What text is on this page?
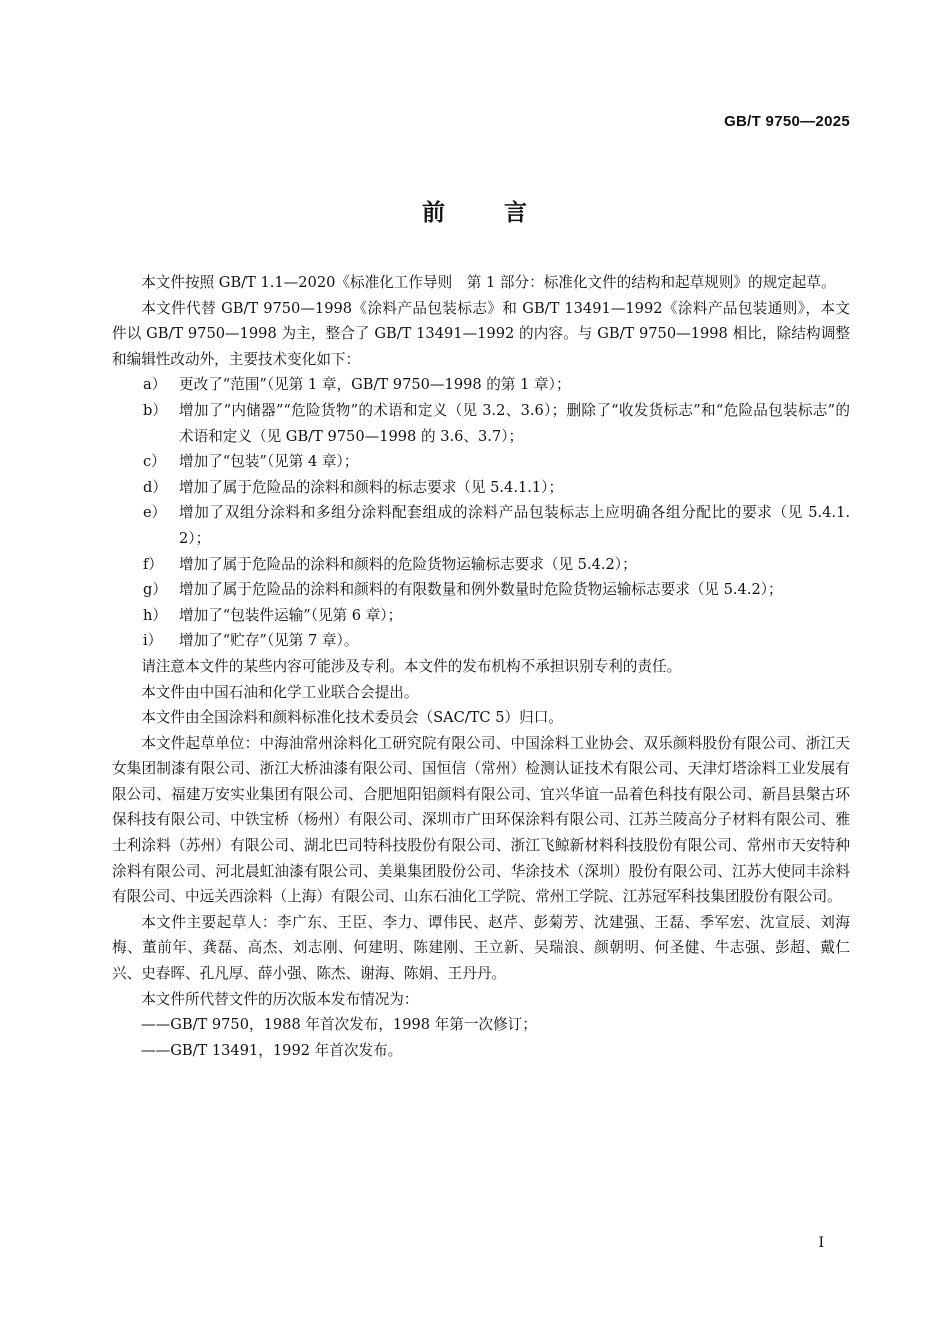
GB/T 9750—2025
前	言

本文件按照 GB/T 1.1—2020《标准化工作导则　第 1 部分：标准化文件的结构和起草规则》的规定起草。

本文件代替 GB/T 9750—1998《涂料产品包装标志》和 GB/T 13491—1992《涂料产品包装通则》，本文件以 GB/T 9750—1998 为主，整合了 GB/T 13491—1992 的内容。与 GB/T 9750—1998 相比，除结构调整和编辑性改动外，主要技术变化如下：

a） 更改了“范围”（见第 1 章，GB/T 9750—1998 的第 1 章）；
b） 增加了“内储器”“危险货物”的术语和定义（见 3.2、3.6）；删除了“收发货标志”和“危险品包装标志”的术语和定义（见 GB/T 9750—1998 的 3.6、3.7）；
c） 增加了“包装”（见第 4 章）；
d） 增加了属于危险品的涂料和颜料的标志要求（见 5.4.1.1）；
e） 增加了双组分涂料和多组分涂料配套组成的涂料产品包装标志上应明确各组分配比的要求（见 5.4.1.2）；
f）	增加了属于危险品的涂料和颜料的危险货物运输标志要求（见 5.4.2）；
g） 增加了属于危险品的涂料和颜料的有限数量和例外数量时危险货物运输标志要求（见 5.4.2）；
h） 增加了“包装件运输”（见第 6 章）；
i）	增加了“贮存”（见第 7 章）。

请注意本文件的某些内容可能涉及专利。本文件的发布机构不承担识别专利的责任。

本文件由中国石油和化学工业联合会提出。

本文件由全国涂料和颜料标准化技术委员会（SAC/TC 5）归口。

本文件起草单位：中海油常州涂料化工研究院有限公司、中国涂料工业协会、双乐颜料股份有限公司、浙江天女集团制漆有限公司、浙江大桥油漆有限公司、国恒信（常州）检测认证技术有限公司、天津灯塔涂料工业发展有限公司、福建万安实业集团有限公司、合肥旭阳铝颜料有限公司、宜兴华谊一品着色科技有限公司、新昌县槃古环保科技有限公司、中铁宝桥（杨州）有限公司、深圳市广田环保涂料有限公司、江苏兰陵高分子材料有限公司、雅士利涂料（苏州）有限公司、湖北巴司特科技股份有限公司、浙江飞鲸新材料科技股份有限公司、常州市天安特种涂料有限公司、河北晨虹油漆有限公司、美巢集团股份公司、华涂技术（深圳）股份有限公司、江苏大使同丰涂料有限公司、中远关西涂料（上海）有限公司、山东石油化工学院、常州工学院、江苏冠军科技集团股份有限公司。

本文件主要起草人：李广东、王臣、李力、谭伟民、赵芹、彭菊芳、沈建强、王磊、季军宏、沈宣辰、刘海梅、董前年、龚磊、高杰、刘志刚、何建明、陈建刚、王立新、吴瑞浪、颜朝明、何圣健、牛志强、彭超、戴仁兴、史春晖、孔凡厚、薛小强、陈杰、谢海、陈娟、王丹丹。

本文件所代替文件的历次版本发布情况为：

——GB/T 9750，1988 年首次发布，1998 年第一次修订；
——GB/T 13491，1992 年首次发布。
Ⅰ
